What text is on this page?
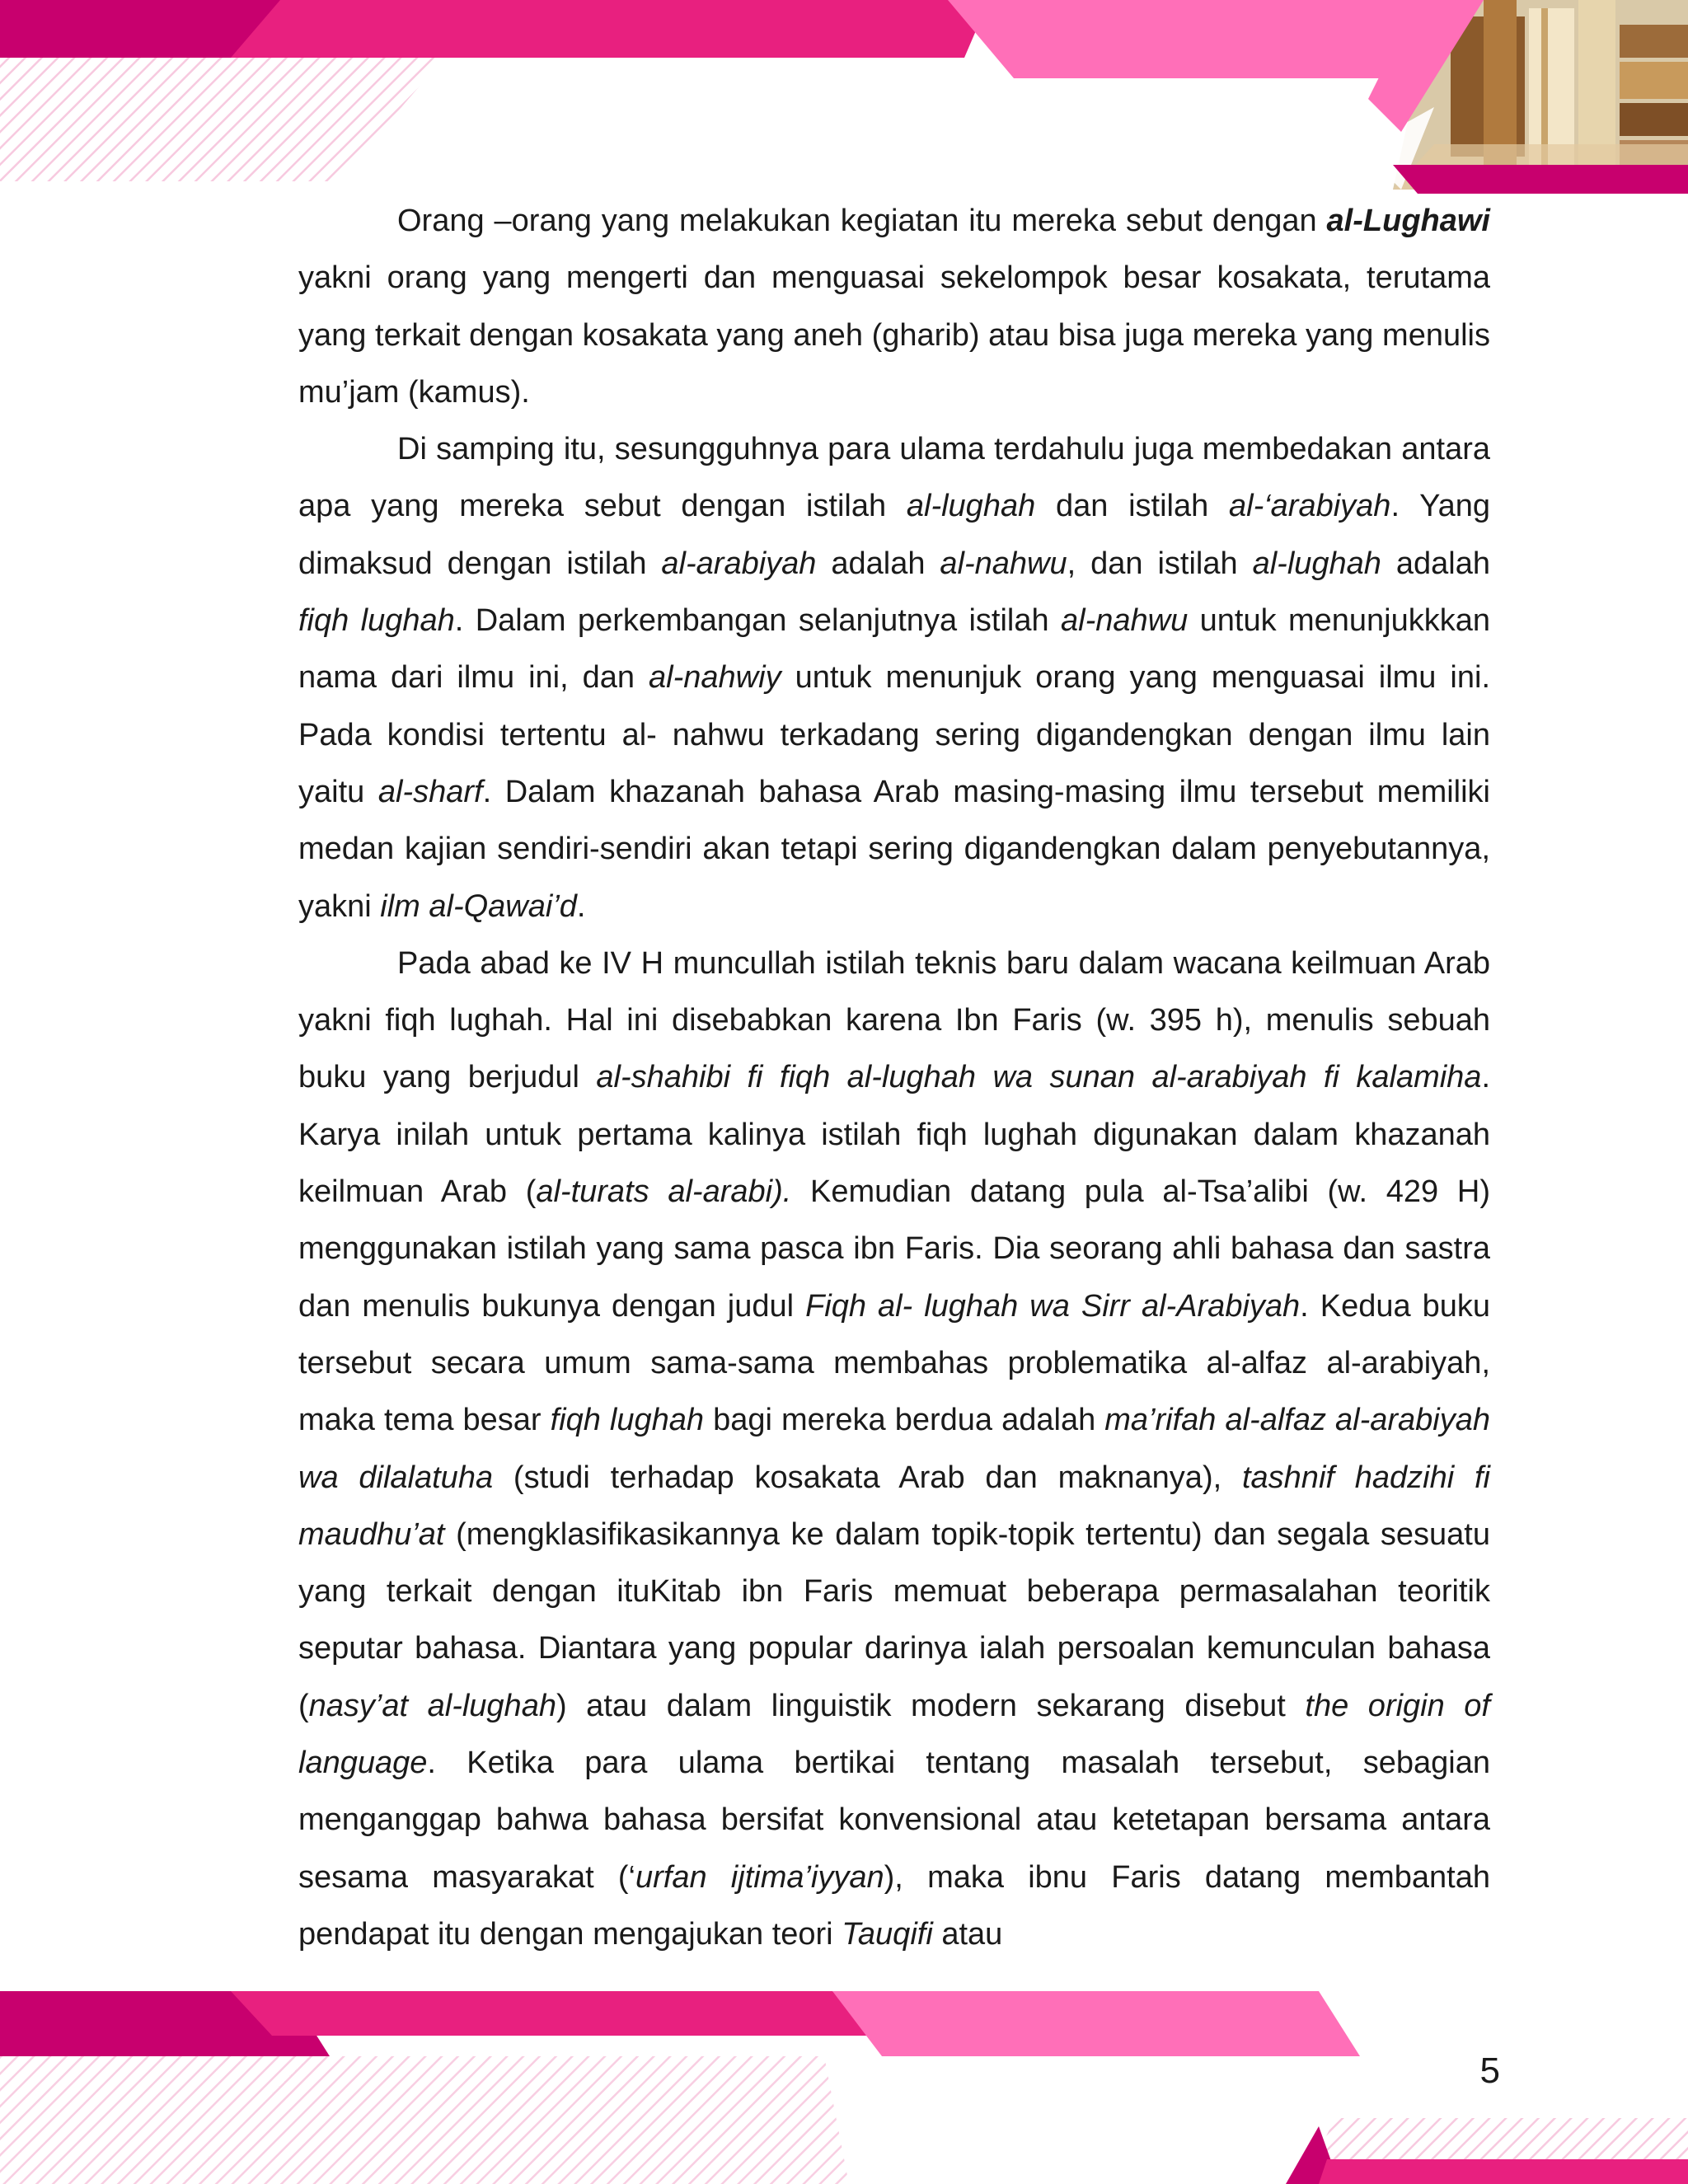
Orang –orang yang melakukan kegiatan itu mereka sebut dengan al-Lughawi yakni orang yang mengerti dan menguasai sekelompok besar kosakata, terutama yang terkait dengan kosakata yang aneh (gharib) atau bisa juga mereka yang menulis mu’jam (kamus).

Di samping itu, sesungguhnya para ulama terdahulu juga membedakan antara apa yang mereka sebut dengan istilah al-lughah dan istilah al-‘arabiyah. Yang dimaksud dengan istilah al-arabiyah adalah al-nahwu, dan istilah al-lughah adalah fiqh lughah. Dalam perkembangan selanjutnya istilah al-nahwu untuk menunjukkkan nama dari ilmu ini, dan al-nahwiy untuk menunjuk orang yang menguasai ilmu ini. Pada kondisi tertentu al- nahwu terkadang sering digandengkan dengan ilmu lain yaitu al-sharf. Dalam khazanah bahasa Arab masing-masing ilmu tersebut memiliki medan kajian sendiri-sendiri akan tetapi sering digandengkan dalam penyebutannya, yakni ilm al-Qawai’d.

Pada abad ke IV H muncullah istilah teknis baru dalam wacana keilmuan Arab yakni fiqh lughah. Hal ini disebabkan karena Ibn Faris (w. 395 h), menulis sebuah buku yang berjudul al-shahibi fi fiqh al-lughah wa sunan al-arabiyah fi kalamiha. Karya inilah untuk pertama kalinya istilah fiqh lughah digunakan dalam khazanah keilmuan Arab (al-turats al-arabi). Kemudian datang pula al-Tsa’alibi (w. 429 H) menggunakan istilah yang sama pasca ibn Faris. Dia seorang ahli bahasa dan sastra dan menulis bukunya dengan judul Fiqh al- lughah wa Sirr al-Arabiyah. Kedua buku tersebut secara umum sama-sama membahas problematika al-alfaz al-arabiyah, maka tema besar fiqh lughah bagi mereka berdua adalah ma’rifah al-alfaz al-arabiyah wa dilalatuha (studi terhadap kosakata Arab dan maknanya), tashnif hadzihi fi maudhu’at (mengklasifikasikannya ke dalam topik-topik tertentu) dan segala sesuatu yang terkait dengan ituKitab ibn Faris memuat beberapa permasalahan teoritik seputar bahasa. Diantara yang popular darinya ialah persoalan kemunculan bahasa (nasy’at al-lughah) atau dalam linguistik modern sekarang disebut the origin of language. Ketika para ulama bertikai tentang masalah tersebut, sebagian menganggap bahwa bahasa bersifat konvensional atau ketetapan bersama antara sesama masyarakat (‘urfan ijtima’iyyan), maka ibnu Faris datang membantah pendapat itu dengan mengajukan teori Tauqifi atau

5
